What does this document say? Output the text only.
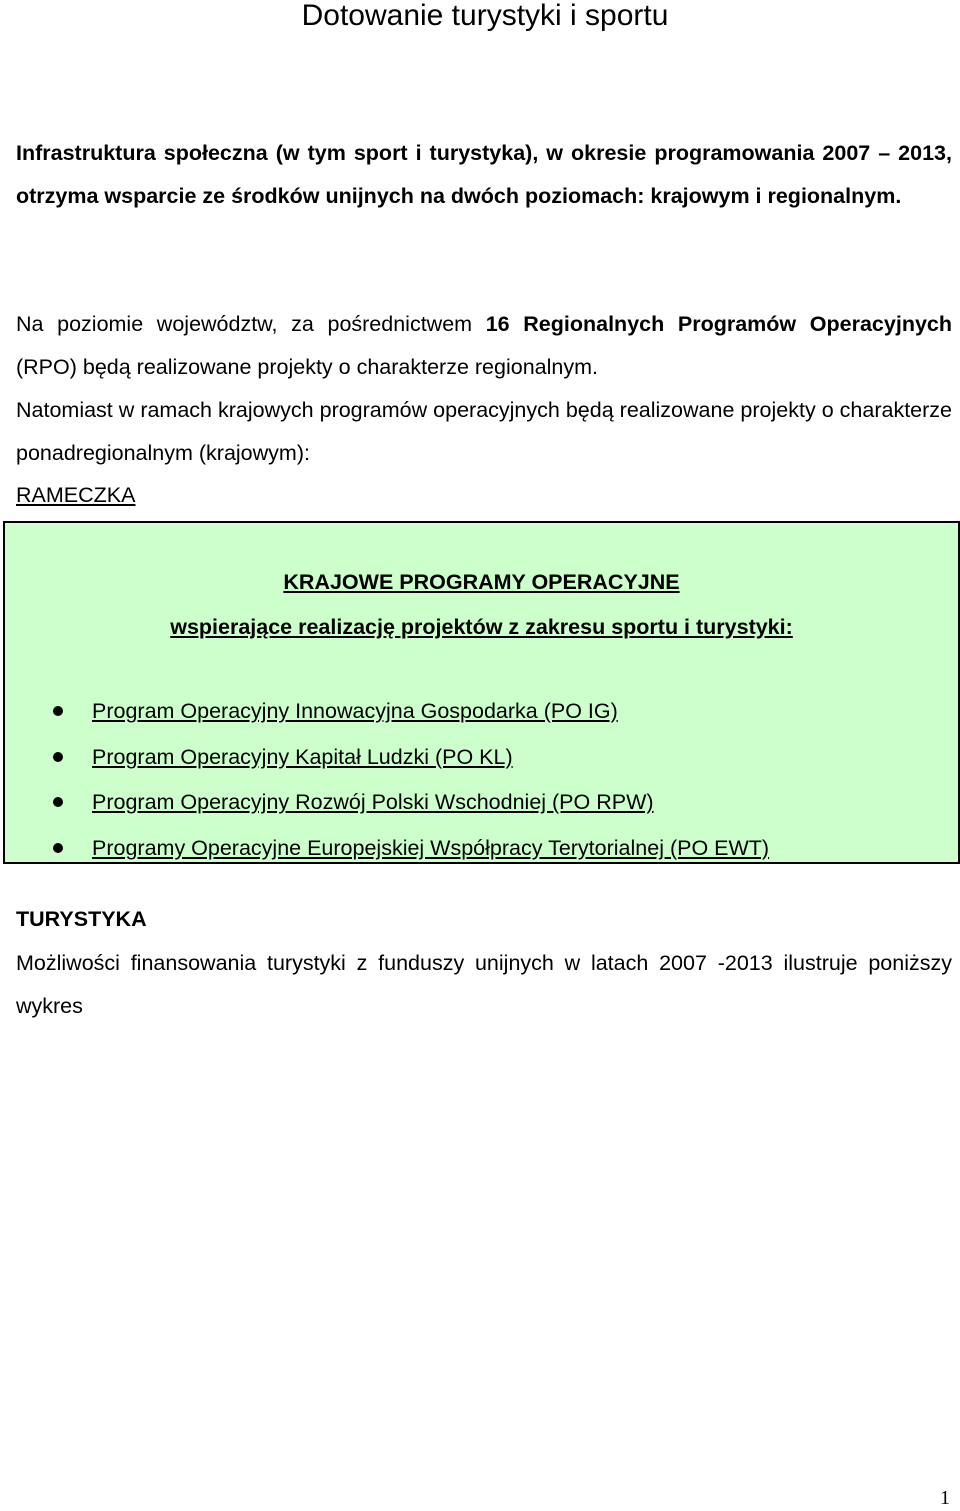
Dotowanie turystyki i sportu

Infrastruktura społeczna (w tym sport i turystyka), w okresie programowania 2007 – 2013, otrzyma wsparcie ze środków unijnych na dwóch poziomach: krajowym i regionalnym.

Na poziomie województw, za pośrednictwem 16 Regionalnych Programów Operacyjnych (RPO) będą realizowane projekty o charakterze regionalnym.

Natomiast w ramach krajowych programów operacyjnych będą realizowane projekty o charakterze ponadregionalnym (krajowym):

RAMECZKA

KRAJOWE PROGRAMY OPERACYJNE

wspierające realizację projektów z zakresu sportu i turystyki:

Program Operacyjny Innowacyjna Gospodarka (PO IG)
Program Operacyjny Kapitał Ludzki (PO KL)
Program Operacyjny Rozwój Polski Wschodniej (PO RPW)
Programy Operacyjne Europejskiej Współpracy Terytorialnej (PO EWT)

TURYSTYKA

Możliwości finansowania turystyki z funduszy unijnych w latach 2007 -2013 ilustruje poniższy wykres

1
